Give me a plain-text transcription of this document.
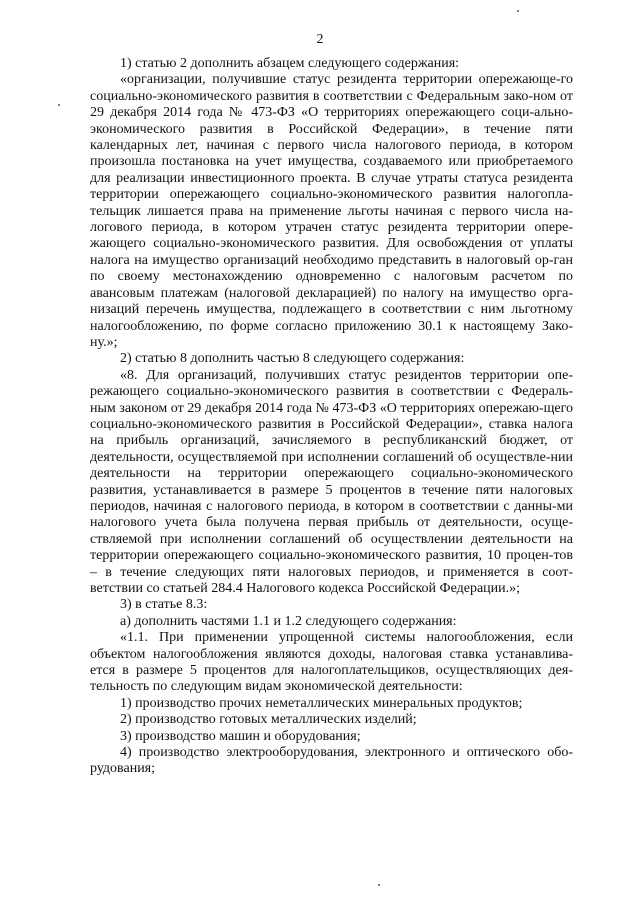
2

1) статью 2 дополнить абзацем следующего содержания:

«организации, получившие статус резидента территории опережающе-го социально-экономического развития в соответствии с Федеральным зако-ном от 29 декабря 2014 года № 473-ФЗ «О территориях опережающего соци-ально-экономического развития в Российской Федерации», в течение пяти календарных лет, начиная с первого числа налогового периода, в котором произошла постановка на учет имущества, создаваемого или приобретаемого для реализации инвестиционного проекта. В случае утраты статуса резидента территории опережающего социально-экономического развития налогопла-тельщик лишается права на применение льготы начиная с первого числа на-логового периода, в котором утрачен статус резидента территории опере-жающего социально-экономического развития. Для освобождения от уплаты налога на имущество организаций необходимо представить в налоговый ор-ган по своему местонахождению одновременно с налоговым расчетом по авансовым платежам (налоговой декларацией) по налогу на имущество орга-низаций перечень имущества, подлежащего в соответствии с ним льготному налогообложению, по форме согласно приложению 30.1 к настоящему Зако-ну.»;

2) статью 8 дополнить частью 8 следующего содержания:

«8. Для организаций, получивших статус резидентов территории опе-режающего социально-экономического развития в соответствии с Федераль-ным законом от 29 декабря 2014 года № 473-ФЗ «О территориях опережаю-щего социально-экономического развития в Российской Федерации», ставка налога на прибыль организаций, зачисляемого в республиканский бюджет, от деятельности, осуществляемой при исполнении соглашений об осуществле-нии деятельности на территории опережающего социально-экономического развития, устанавливается в размере 5 процентов в течение пяти налоговых периодов, начиная с налогового периода, в котором в соответствии с данны-ми налогового учета была получена первая прибыль от деятельности, осуще-ствляемой при исполнении соглашений об осуществлении деятельности на территории опережающего социально-экономического развития, 10 процен-тов – в течение следующих пяти налоговых периодов, и применяется в соот-ветствии со статьей 284.4 Налогового кодекса Российской Федерации.»;

3) в статье 8.3:

а) дополнить частями 1.1 и 1.2 следующего содержания:

«1.1. При применении упрощенной системы налогообложения, если объектом налогообложения являются доходы, налоговая ставка устанавлива-ется в размере 5 процентов для налогоплательщиков, осуществляющих дея-тельность по следующим видам экономической деятельности:

1) производство прочих неметаллических минеральных продуктов;

2) производство готовых металлических изделий;

3) производство машин и оборудования;

4) производство электрооборудования, электронного и оптического обо-рудования;
